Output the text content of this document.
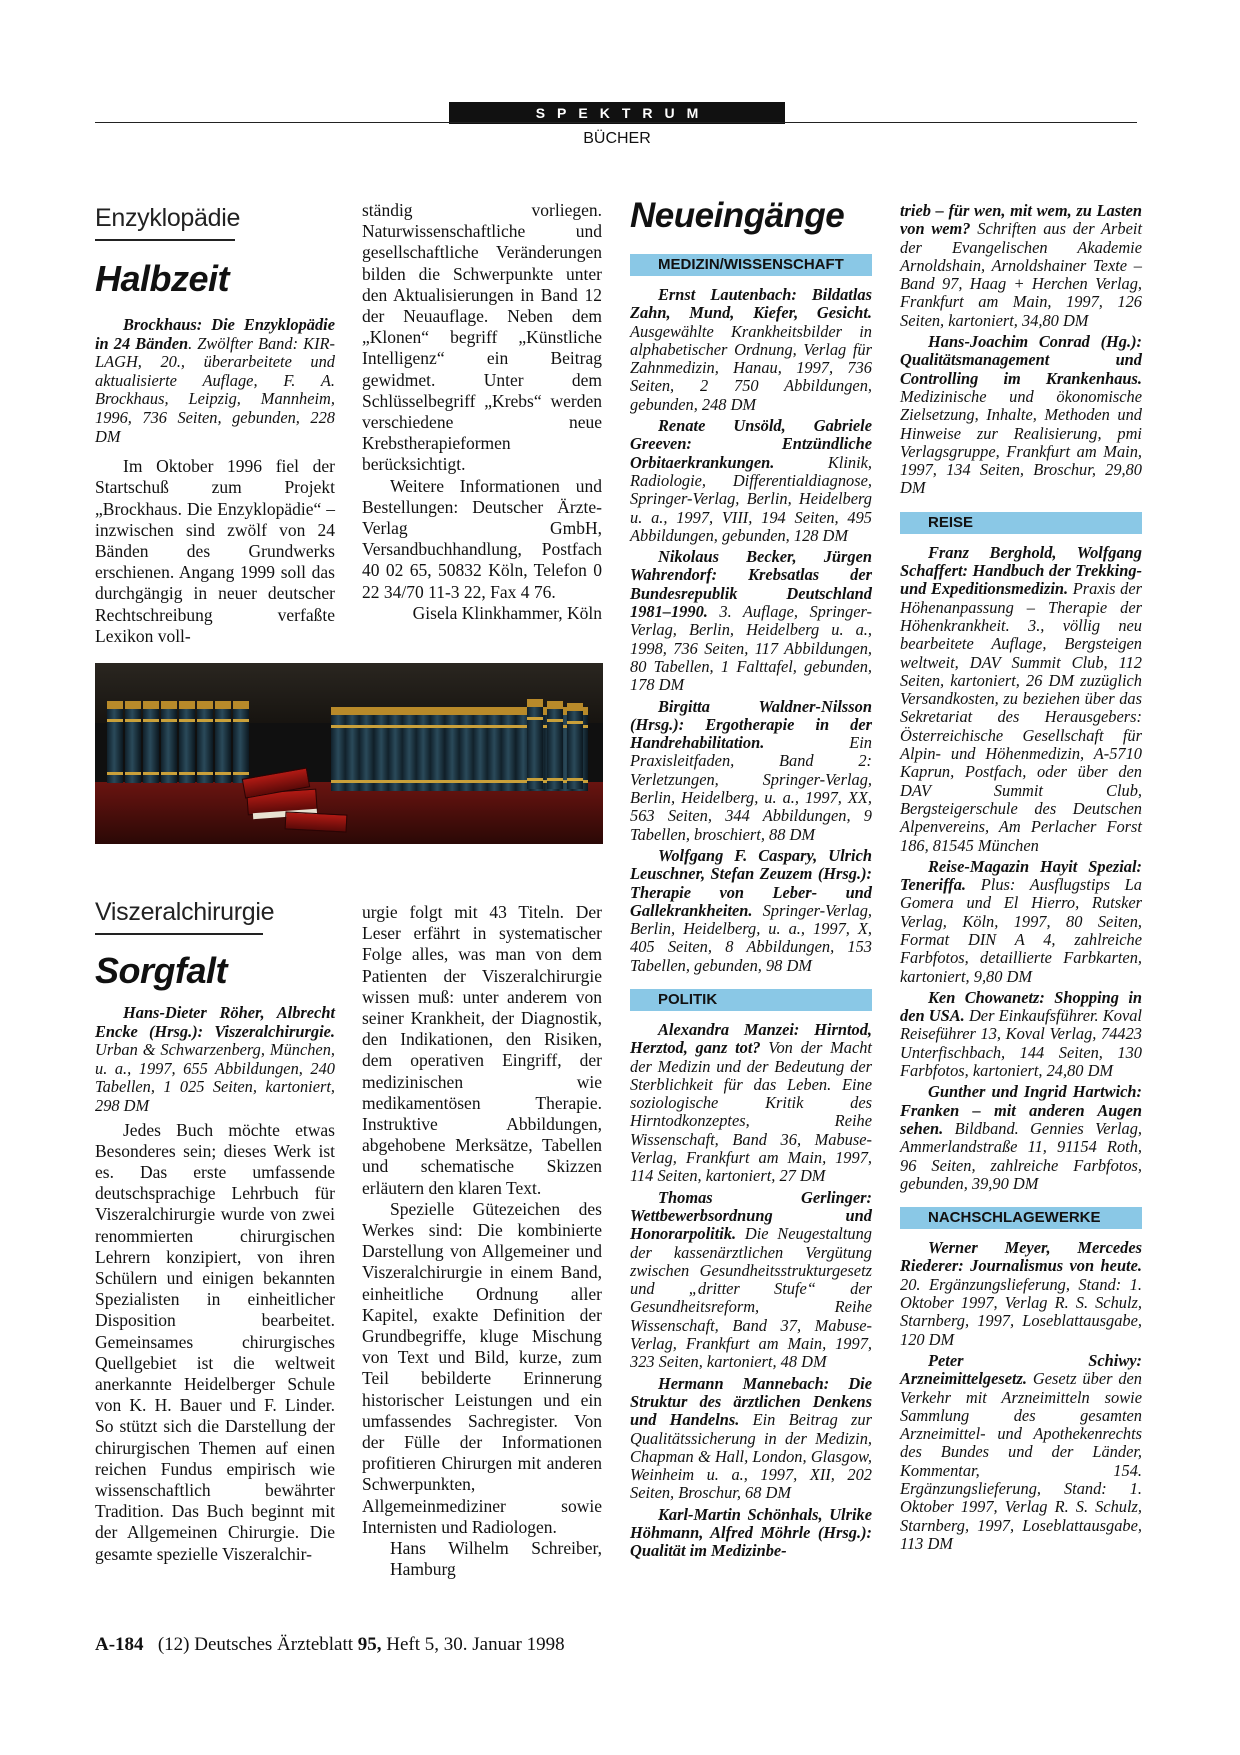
SPEKTRUM
BÜCHER
Enzyklopädie
Halbzeit

Brockhaus: Die Enzyklopädie in 24 Bänden. Zwölfter Band: KIR-LAGH, 20., überarbeitete und aktualisierte Auflage, F. A. Brockhaus, Leipzig, Mannheim, 1996, 736 Seiten, gebunden, 228 DM

Im Oktober 1996 fiel der Startschuß zum Projekt „Brockhaus. Die Enzyklopädie“ – inzwischen sind zwölf von 24 Bänden des Grundwerks erschienen. Angang 1999 soll das durchgängig in neuer deutscher Rechtschreibung verfaßte Lexikon voll-

ständig vorliegen. Naturwissenschaftliche und gesellschaftliche Veränderungen bilden die Schwerpunkte unter den Aktualisierungen in Band 12 der Neuauflage. Neben dem „Klonen“ begriff „Künstliche Intelligenz“ ein Beitrag gewidmet. Unter dem Schlüsselbegriff „Krebs“ werden verschiedene neue Krebstherapieformen berücksichtigt.

Weitere Informationen und Bestellungen: Deutscher Ärzte-Verlag GmbH, Versandbuchhandlung, Postfach 40 02 65, 50832 Köln, Telefon 0 22 34/70 11-3 22, Fax 4 76.

Gisela Klinkhammer, Köln

Viszeralchirurgie
Sorgfalt

Hans-Dieter Röher, Albrecht Encke (Hrsg.): Viszeralchirurgie. Urban & Schwarzenberg, München, u. a., 1997, 655 Abbildungen, 240 Tabellen, 1 025 Seiten, kartoniert, 298 DM

Jedes Buch möchte etwas Besonderes sein; dieses Werk ist es. Das erste umfassende deutschsprachige Lehrbuch für Viszeralchirurgie wurde von zwei renommierten chirurgischen Lehrern konzipiert, von ihren Schülern und einigen bekannten Spezialisten in einheitlicher Disposition bearbeitet. Gemeinsames chirurgisches Quellgebiet ist die weltweit anerkannte Heidelberger Schule von K. H. Bauer und F. Linder. So stützt sich die Darstellung der chirurgischen Themen auf einen reichen Fundus empirisch wie wissenschaftlich bewährter Tradition. Das Buch beginnt mit der Allgemeinen Chirurgie. Die gesamte spezielle Viszeralchir-

urgie folgt mit 43 Titeln. Der Leser erfährt in systematischer Folge alles, was man von dem Patienten der Viszeralchirurgie wissen muß: unter anderem von seiner Krankheit, der Diagnostik, den Indikationen, den Risiken, dem operativen Eingriff, der medizinischen wie medikamentösen Therapie. Instruktive Abbildungen, abgehobene Merksätze, Tabellen und schematische Skizzen erläutern den klaren Text.

Spezielle Gütezeichen des Werkes sind: Die kombinierte Darstellung von Allgemeiner und Viszeralchirurgie in einem Band, einheitliche Ordnung aller Kapitel, exakte Definition der Grundbegriffe, kluge Mischung von Text und Bild, kurze, zum Teil bebilderte Erinnerung historischer Leistungen und ein umfassendes Sachregister. Von der Fülle der Informationen profitieren Chirurgen mit anderen Schwerpunkten, Allgemeinmediziner sowie Internisten und Radiologen.

Hans Wilhelm Schreiber, Hamburg

Neueingänge
MEDIZIN/WISSENSCHAFT

Ernst Lautenbach: Bildatlas Zahn, Mund, Kiefer, Gesicht. Ausgewählte Krankheitsbilder in alphabetischer Ordnung, Verlag für Zahnmedizin, Hanau, 1997, 736 Seiten, 2 750 Abbildungen, gebunden, 248 DM

Renate Unsöld, Gabriele Greeven:	Entzündliche Orbitaerkrankungen.	Klinik, Radiologie, Differentialdiagnose, Springer-Verlag, Berlin, Heidelberg u. a., 1997, VIII, 194 Seiten, 495 Abbildungen, gebunden, 128 DM

Nikolaus Becker, Jürgen Wahrendorf: Krebsatlas der Bundesrepublik Deutschland 1981–1990. 3. Auflage, Springer-Verlag, Berlin, Heidelberg u. a., 1998, 736 Seiten, 117 Abbildungen, 80 Tabellen, 1 Falttafel, gebunden, 178 DM

Birgitta Waldner-Nilsson (Hrsg.): Ergotherapie in der Handrehabilitation.	Ein Praxisleitfaden, Band 2: Verletzungen, Springer-Verlag, Berlin, Heidelberg, u. a., 1997, XX, 563 Seiten, 344 Abbildungen, 9 Tabellen, broschiert, 88 DM

Wolfgang F. Caspary, Ulrich Leuschner, Stefan Zeuzem (Hrsg.): Therapie von Leber- und Gallekrankheiten. Springer-Verlag, Berlin, Heidelberg, u. a., 1997, X, 405 Seiten, 8 Abbildungen, 153 Tabellen, gebunden, 98 DM

POLITIK

Alexandra Manzei: Hirntod, Herztod, ganz tot? Von der Macht der Medizin und der Bedeutung der Sterblichkeit für das Leben. Eine soziologische Kritik des Hirntodkonzeptes, Reihe Wissenschaft, Band 36, Mabuse-Verlag, Frankfurt am Main, 1997, 114 Seiten, kartoniert, 27 DM

Thomas Gerlinger: Wettbewerbsordnung und Honorarpolitik. Die Neugestaltung der kassenärztlichen Vergütung zwischen Gesundheitsstrukturgesetz und „dritter Stufe“ der Gesundheitsreform, Reihe Wissenschaft, Band 37, Mabuse-Verlag, Frankfurt am Main, 1997, 323 Seiten, kartoniert, 48 DM

Hermann Mannebach: Die Struktur des ärztlichen Denkens und Handelns. Ein Beitrag zur Qualitätssicherung in der Medizin, Chapman & Hall, London, Glasgow, Weinheim u. a., 1997, XII, 202 Seiten, Broschur, 68 DM

Karl-Martin Schönhals, Ulrike Höhmann, Alfred Möhrle (Hrsg.): Qualität im Medizinbe-

trieb – für wen, mit wem, zu Lasten von wem? Schriften aus der Arbeit der Evangelischen Akademie Arnoldshain, Arnoldshainer Texte – Band 97, Haag + Herchen Verlag, Frankfurt am Main, 1997, 126 Seiten, kartoniert, 34,80 DM

Hans-Joachim Conrad (Hg.): Qualitätsmanagement und Controlling im Krankenhaus. Medizinische und ökonomische Zielsetzung, Inhalte, Methoden und Hinweise zur Realisierung, pmi Verlagsgruppe, Frankfurt am Main, 1997, 134 Seiten, Broschur, 29,80 DM

REISE

Franz Berghold, Wolfgang Schaffert: Handbuch der Trekking- und Expeditionsmedizin. Praxis der Höhenanpassung – Therapie der Höhenkrankheit. 3., völlig neu bearbeitete Auflage, Bergsteigen weltweit, DAV Summit Club, 112 Seiten, kartoniert, 26 DM zuzüglich Versandkosten, zu beziehen über das Sekretariat des Herausgebers: Österreichische Gesellschaft für Alpin- und Höhenmedizin, A-5710 Kaprun, Postfach, oder über den DAV Summit Club, Bergsteigerschule des Deutschen Alpenvereins, Am Perlacher Forst 186, 81545 München

Reise-Magazin Hayit Spezial: Teneriffa. Plus: Ausflugstips La Gomera und El Hierro, Rutsker Verlag, Köln, 1997, 80 Seiten, Format DIN A 4, zahlreiche Farbfotos, detaillierte Farbkarten, kartoniert, 9,80 DM

Ken Chowanetz: Shopping in den USA. Der Einkaufsführer. Koval Reiseführer 13, Koval Verlag, 74423 Unterfischbach, 144 Seiten, 130 Farbfotos, kartoniert, 24,80 DM

Gunther und Ingrid Hartwich: Franken – mit anderen Augen sehen. Bildband. Gennies Verlag, Ammerlandstraße 11, 91154 Roth, 96 Seiten, zahlreiche Farbfotos, gebunden, 39,90 DM

NACHSCHLAGEWERKE

Werner Meyer, Mercedes Riederer: Journalismus von heute. 20. Ergänzungslieferung, Stand: 1. Oktober 1997, Verlag R. S. Schulz, Starnberg, 1997, Loseblattausgabe, 120 DM

Peter Schiwy: Arzneimittelgesetz. Gesetz über den Verkehr mit Arzneimitteln sowie Sammlung des gesamten Arzneimittel- und Apothekenrechts des Bundes und der Länder, Kommentar, 154. Ergänzungslieferung, Stand: 1. Oktober 1997, Verlag R. S. Schulz, Starnberg, 1997, Loseblattausgabe, 113 DM

A-184 (12) Deutsches Ärzteblatt 95, Heft 5, 30. Januar 1998
